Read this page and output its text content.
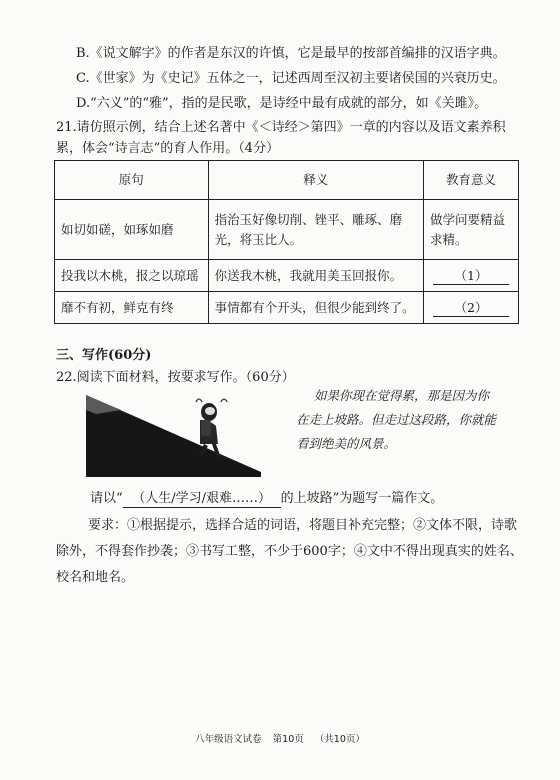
B.《说文解字》的作者是东汉的许慎，它是最早的按部首编排的汉语字典。
C.《世家》为《史记》五体之一，记述西周至汉初主要诸侯国的兴衰历史。
D.“六义”的“雅”，指的是民歌，是诗经中最有成就的部分，如《关雎》。
21.请仿照示例，结合上述名著中《＜诗经＞第四》一章的内容以及语文素养积
累，体会“诗言志”的育人作用。（4分）
原句	释义	教育意义
如切如磋，如琢如磨	指治玉好像切削、锉平、雕琢、磨光，将玉比人。	做学问要精益求精。
投我以木桃，报之以琼瑶	你送我木桃，我就用美玉回报你。	（1）
靡不有初，鲜克有终	事情都有个开头，但很少能到终了。	（2）
三、写作(60分)
22.阅读下面材料，按要求写作。（60分）
如果你现在觉得累，那是因为你
在走上坡路。但走过这段路，你就能
看到绝美的风景。
请以“ （人生/学习/艰难……） 的上坡路”为题写一篇作文。

要求：①根据提示，选择合适的词语，将题目补充完整；②文体不限，诗歌除外，不得套作抄袭；③书写工整，不少于600字；④文中不得出现真实的姓名、校名和地名。

八年级语文试卷 第10页 （共10页）
